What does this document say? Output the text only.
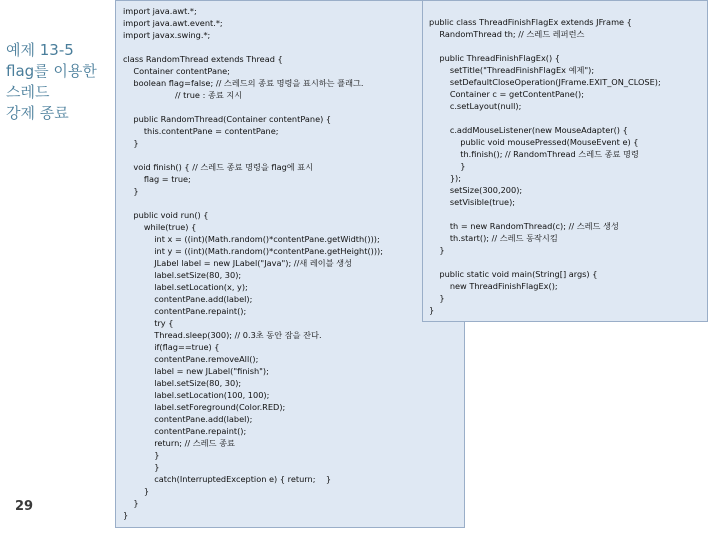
예제 13-5
flag를 이용한
스레드
강제 종료
29
import java.awt.*;
import java.awt.event.*;
import javax.swing.*;
class RandomThread extends Thread {
Container contentPane;
boolean flag=false; // 스레드의 종료 명령을 표시하는 플래그.
// true : 종료 지시
public RandomThread(Container contentPane) {
this.contentPane = contentPane;
}
void finish() { // 스레드 종료 명령을 flag에 표시
flag = true;
}
public void run() {
while(true) {
int x = ((int)(Math.random()*contentPane.getWidth()));
int y = ((int)(Math.random()*contentPane.getHeight()));
JLabel label = new JLabel("Java"); //새 레이블 생성
label.setSize(80, 30);
label.setLocation(x, y);
contentPane.add(label);
contentPane.repaint();
try {
Thread.sleep(300); // 0.3초 동안 잠을 잔다.
if(flag==true) {
contentPane.removeAll();
label = new JLabel("finish");
label.setSize(80, 30);
label.setLocation(100, 100);
label.setForeground(Color.RED);
contentPane.add(label);
contentPane.repaint();
return; // 스레드 종료
}
}
catch(InterruptedException e) { return;    }
}
}
}
public class ThreadFinishFlagEx extends JFrame {
RandomThread th; // 스레드 레퍼런스
public ThreadFinishFlagEx() {
setTitle("ThreadFinishFlagEx 예제");
setDefaultCloseOperation(JFrame.EXIT_ON_CLOSE);
Container c = getContentPane();
c.setLayout(null);
c.addMouseListener(new MouseAdapter() {
public void mousePressed(MouseEvent e) {
th.finish(); // RandomThread 스레드 종료 명령
}
});
setSize(300,200);
setVisible(true);
th = new RandomThread(c); // 스레드 생성
th.start(); // 스레드 동작시킴
}
public static void main(String[] args) {
new ThreadFinishFlagEx();
}
}
